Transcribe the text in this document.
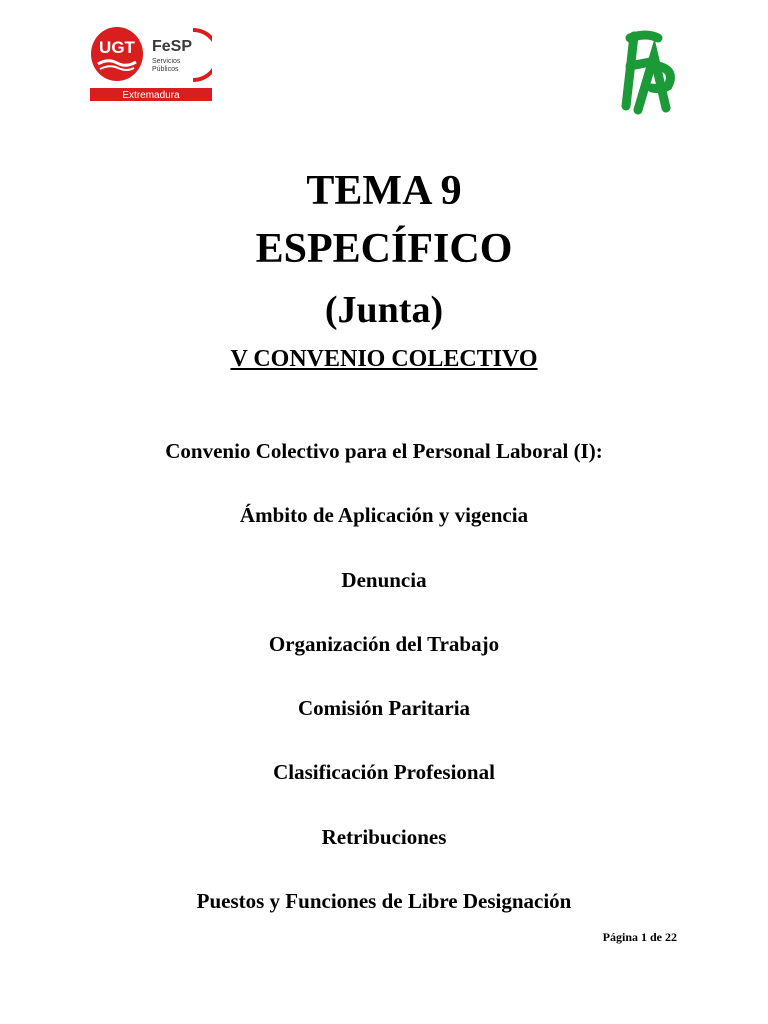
UGT FeSP
Servicios
Públicos
Extremadura
FSAP
TEMA 9
ESPECÍFICO
(Junta)
V CONVENIO COLECTIVO
Convenio Colectivo para el Personal Laboral (I):
Ámbito de Aplicación y vigencia
Denuncia
Organización del Trabajo
Comisión Paritaria
Clasificación Profesional
Retribuciones
Puestos y Funciones de Libre Designación
Página 1 de 22
